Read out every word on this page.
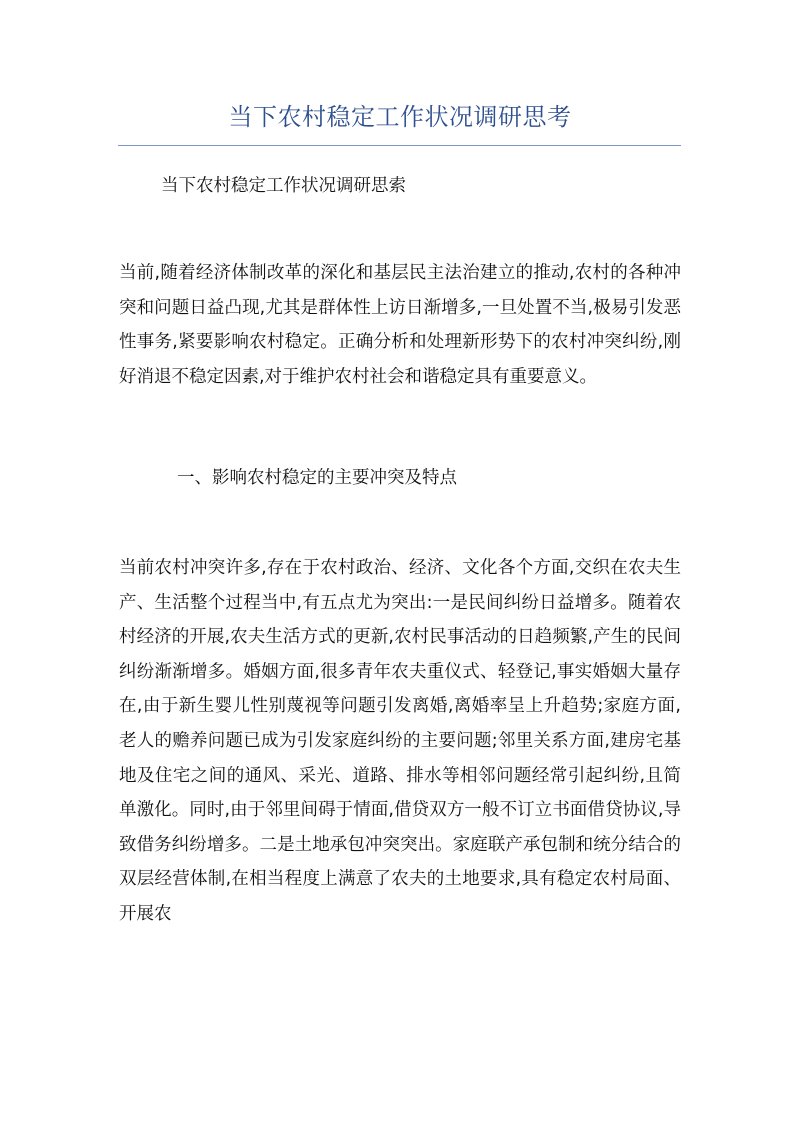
当下农村稳定工作状况调研思考

当下农村稳定工作状况调研思索

当前,随着经济体制改革的深化和基层民主法治建立的推动,农村的各种冲突和问题日益凸现,尤其是群体性上访日渐增多,一旦处置不当,极易引发恶性事务,紧要影响农村稳定。正确分析和处理新形势下的农村冲突纠纷,刚好消退不稳定因素,对于维护农村社会和谐稳定具有重要意义。

一、影响农村稳定的主要冲突及特点

当前农村冲突许多,存在于农村政治、经济、文化各个方面,交织在农夫生产、生活整个过程当中,有五点尤为突出:一是民间纠纷日益增多。随着农村经济的开展,农夫生活方式的更新,农村民事活动的日趋频繁,产生的民间纠纷渐渐增多。婚姻方面,很多青年农夫重仪式、轻登记,事实婚姻大量存在,由于新生婴儿性别蔑视等问题引发离婚,离婚率呈上升趋势;家庭方面,老人的赡养问题已成为引发家庭纠纷的主要问题;邻里关系方面,建房宅基地及住宅之间的通风、采光、道路、排水等相邻问题经常引起纠纷,且简单激化。同时,由于邻里间碍于情面,借贷双方一般不订立书面借贷协议,导致借务纠纷增多。二是土地承包冲突突出。家庭联产承包制和统分结合的双层经营体制,在相当程度上满意了农夫的土地要求,具有稳定农村局面、开展农
